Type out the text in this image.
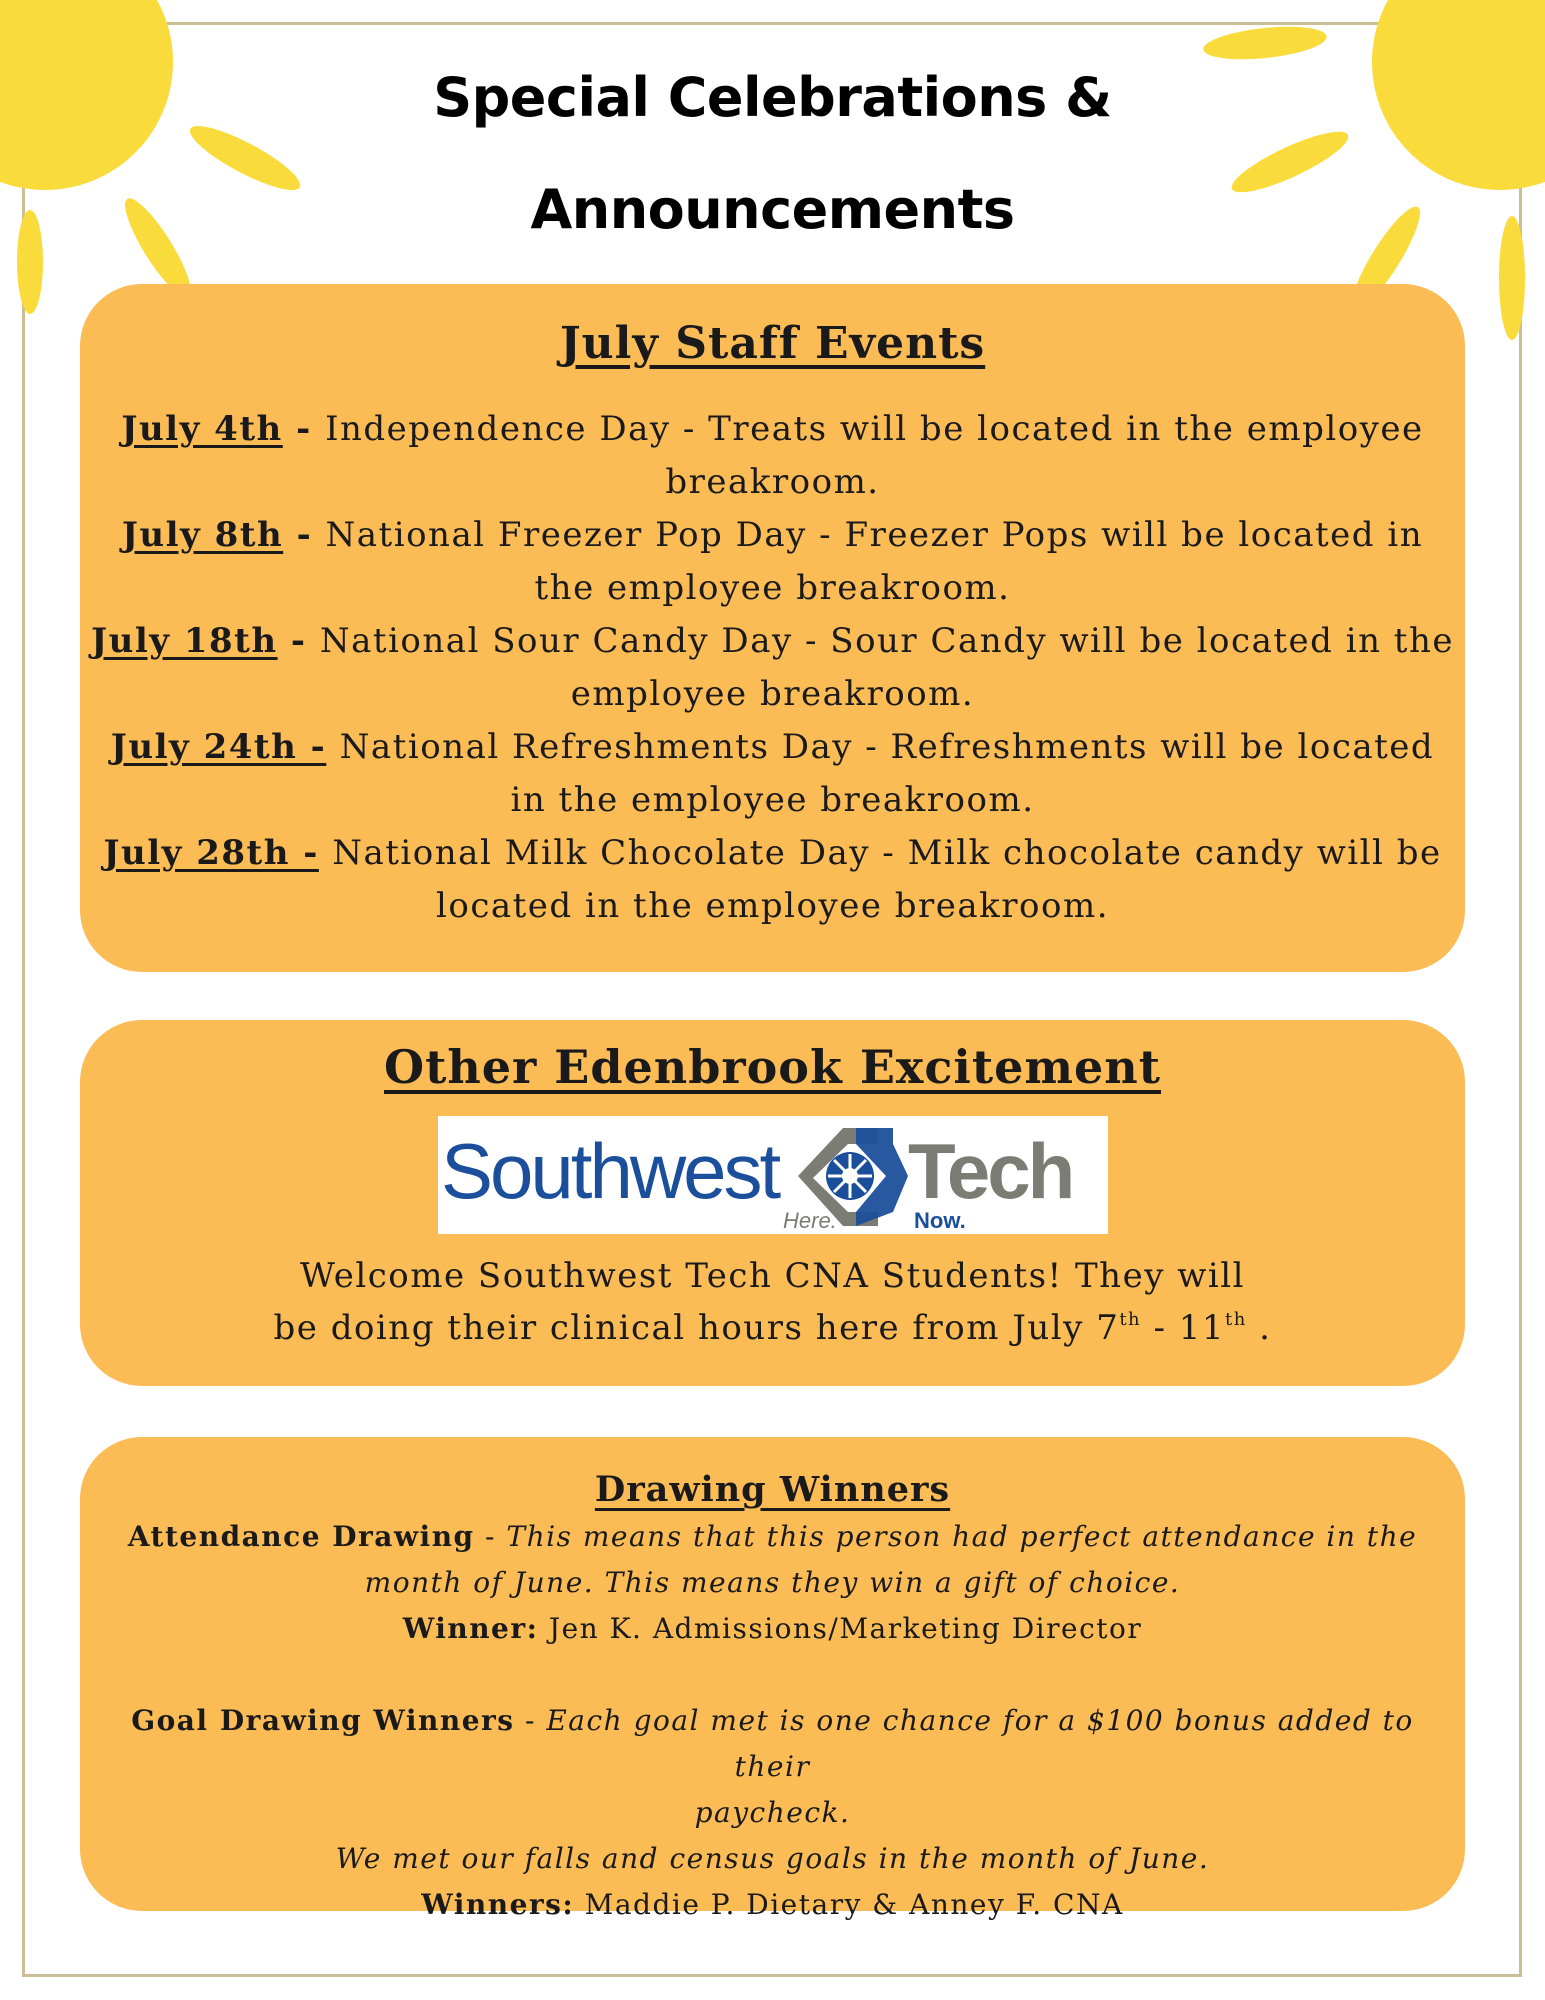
Special Celebrations &
Announcements
July Staff Events

July 4th - Independence Day - Treats will be located in the employee breakroom.

July 8th - National Freezer Pop Day - Freezer Pops will be located in the employee breakroom.

July 18th - National Sour Candy Day - Sour Candy will be located in the employee breakroom.

July 24th - National Refreshments Day - Refreshments will be located in the employee breakroom.

July 28th - National Milk Chocolate Day - Milk chocolate candy will be located in the employee breakroom.

Other Edenbrook Excitement
Southwest Tech
Here.	Now.
Welcome Southwest Tech CNA Students! They will
be doing their clinical hours here from July 7th - 11th .
Drawing Winners

Attendance Drawing - This means that this person had perfect attendance in the

month of June. This means they win a gift of choice.

Winner: Jen K. Admissions/Marketing Director

Goal Drawing Winners - Each goal met is one chance for a $100 bonus added to their

paycheck.

We met our falls and census goals in the month of June.

Winners: Maddie P. Dietary & Anney F. CNA
